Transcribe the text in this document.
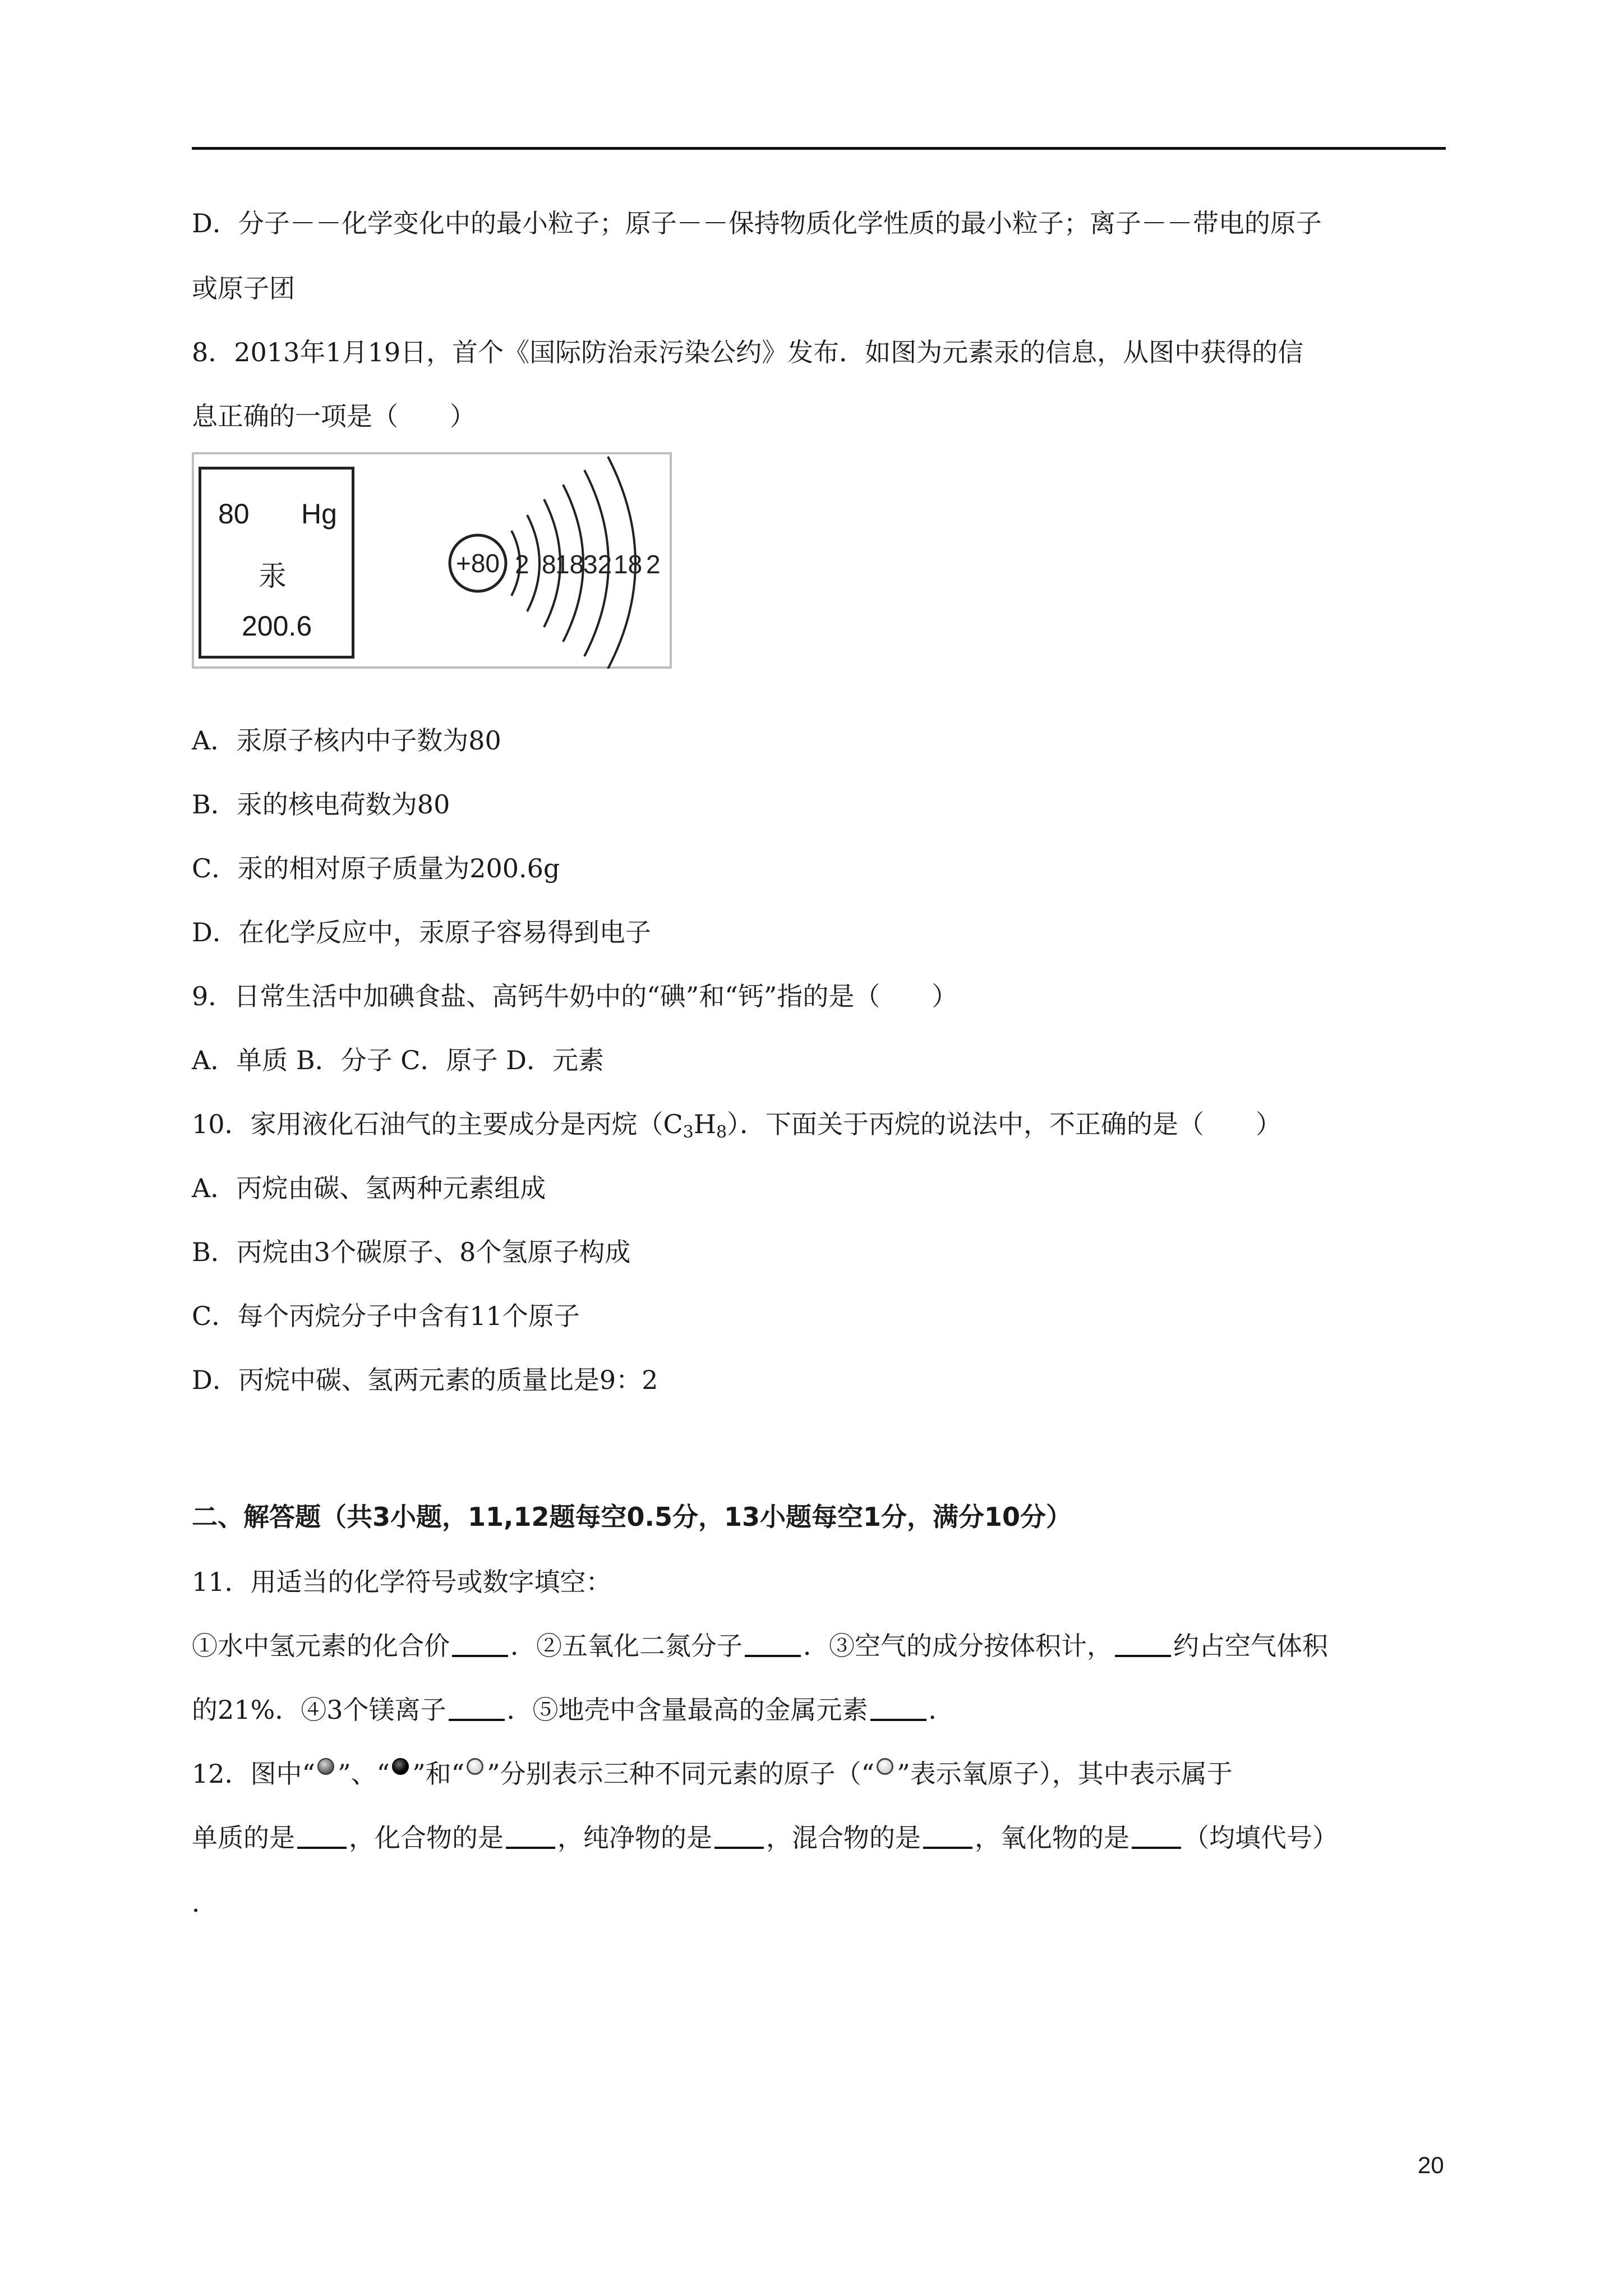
D．分子－－化学变化中的最小粒子；原子－－保持物质化学性质的最小粒子；离子－－带电的原子
或原子团
8．2013年1月19日，首个《国际防治汞污染公约》发布．如图为元素汞的信息，从图中获得的信
息正确的一项是（　　）
80 Hg
汞
200.6
+80 2 8
18
32 18 2
A．汞原子核内中子数为80
B．汞的核电荷数为80
C．汞的相对原子质量为200.6g
D．在化学反应中，汞原子容易得到电子
9．日常生活中加碘食盐、高钙牛奶中的“碘”和“钙”指的是（　　）
A．单质 B．分子 C．原子 D．元素
10．家用液化石油气的主要成分是丙烷$(C_3H_8)$．下面关于丙烷的说法中，不正确的是（　　）
A．丙烷由碳、氢两种元素组成
B．丙烷由3个碳原子、8个氢原子构成
C．每个丙烷分子中含有11个原子
D．丙烷中碳、氢两元素的质量比是9：2
二、解答题（共3小题，11,12题每空0.5分，13小题每空1分，满分10分）
11．用适当的化学符号或数字填空：
①水中氢元素的化合价 ．②五氧化二氮分子 ．③空气的成分按体积计， 约占空气体积
的21%．④3个镁离子 ．⑤地壳中含量最高的金属元素 ．
12．图中“ ”、“ ”和“ ”分别表示三种不同元素的原子（“ ”表示氧原子），其中表示属于
单质的是 ，化合物的是 ，纯净物的是 ，混合物的是 ，氧化物的是 （均填代号）
．
20
